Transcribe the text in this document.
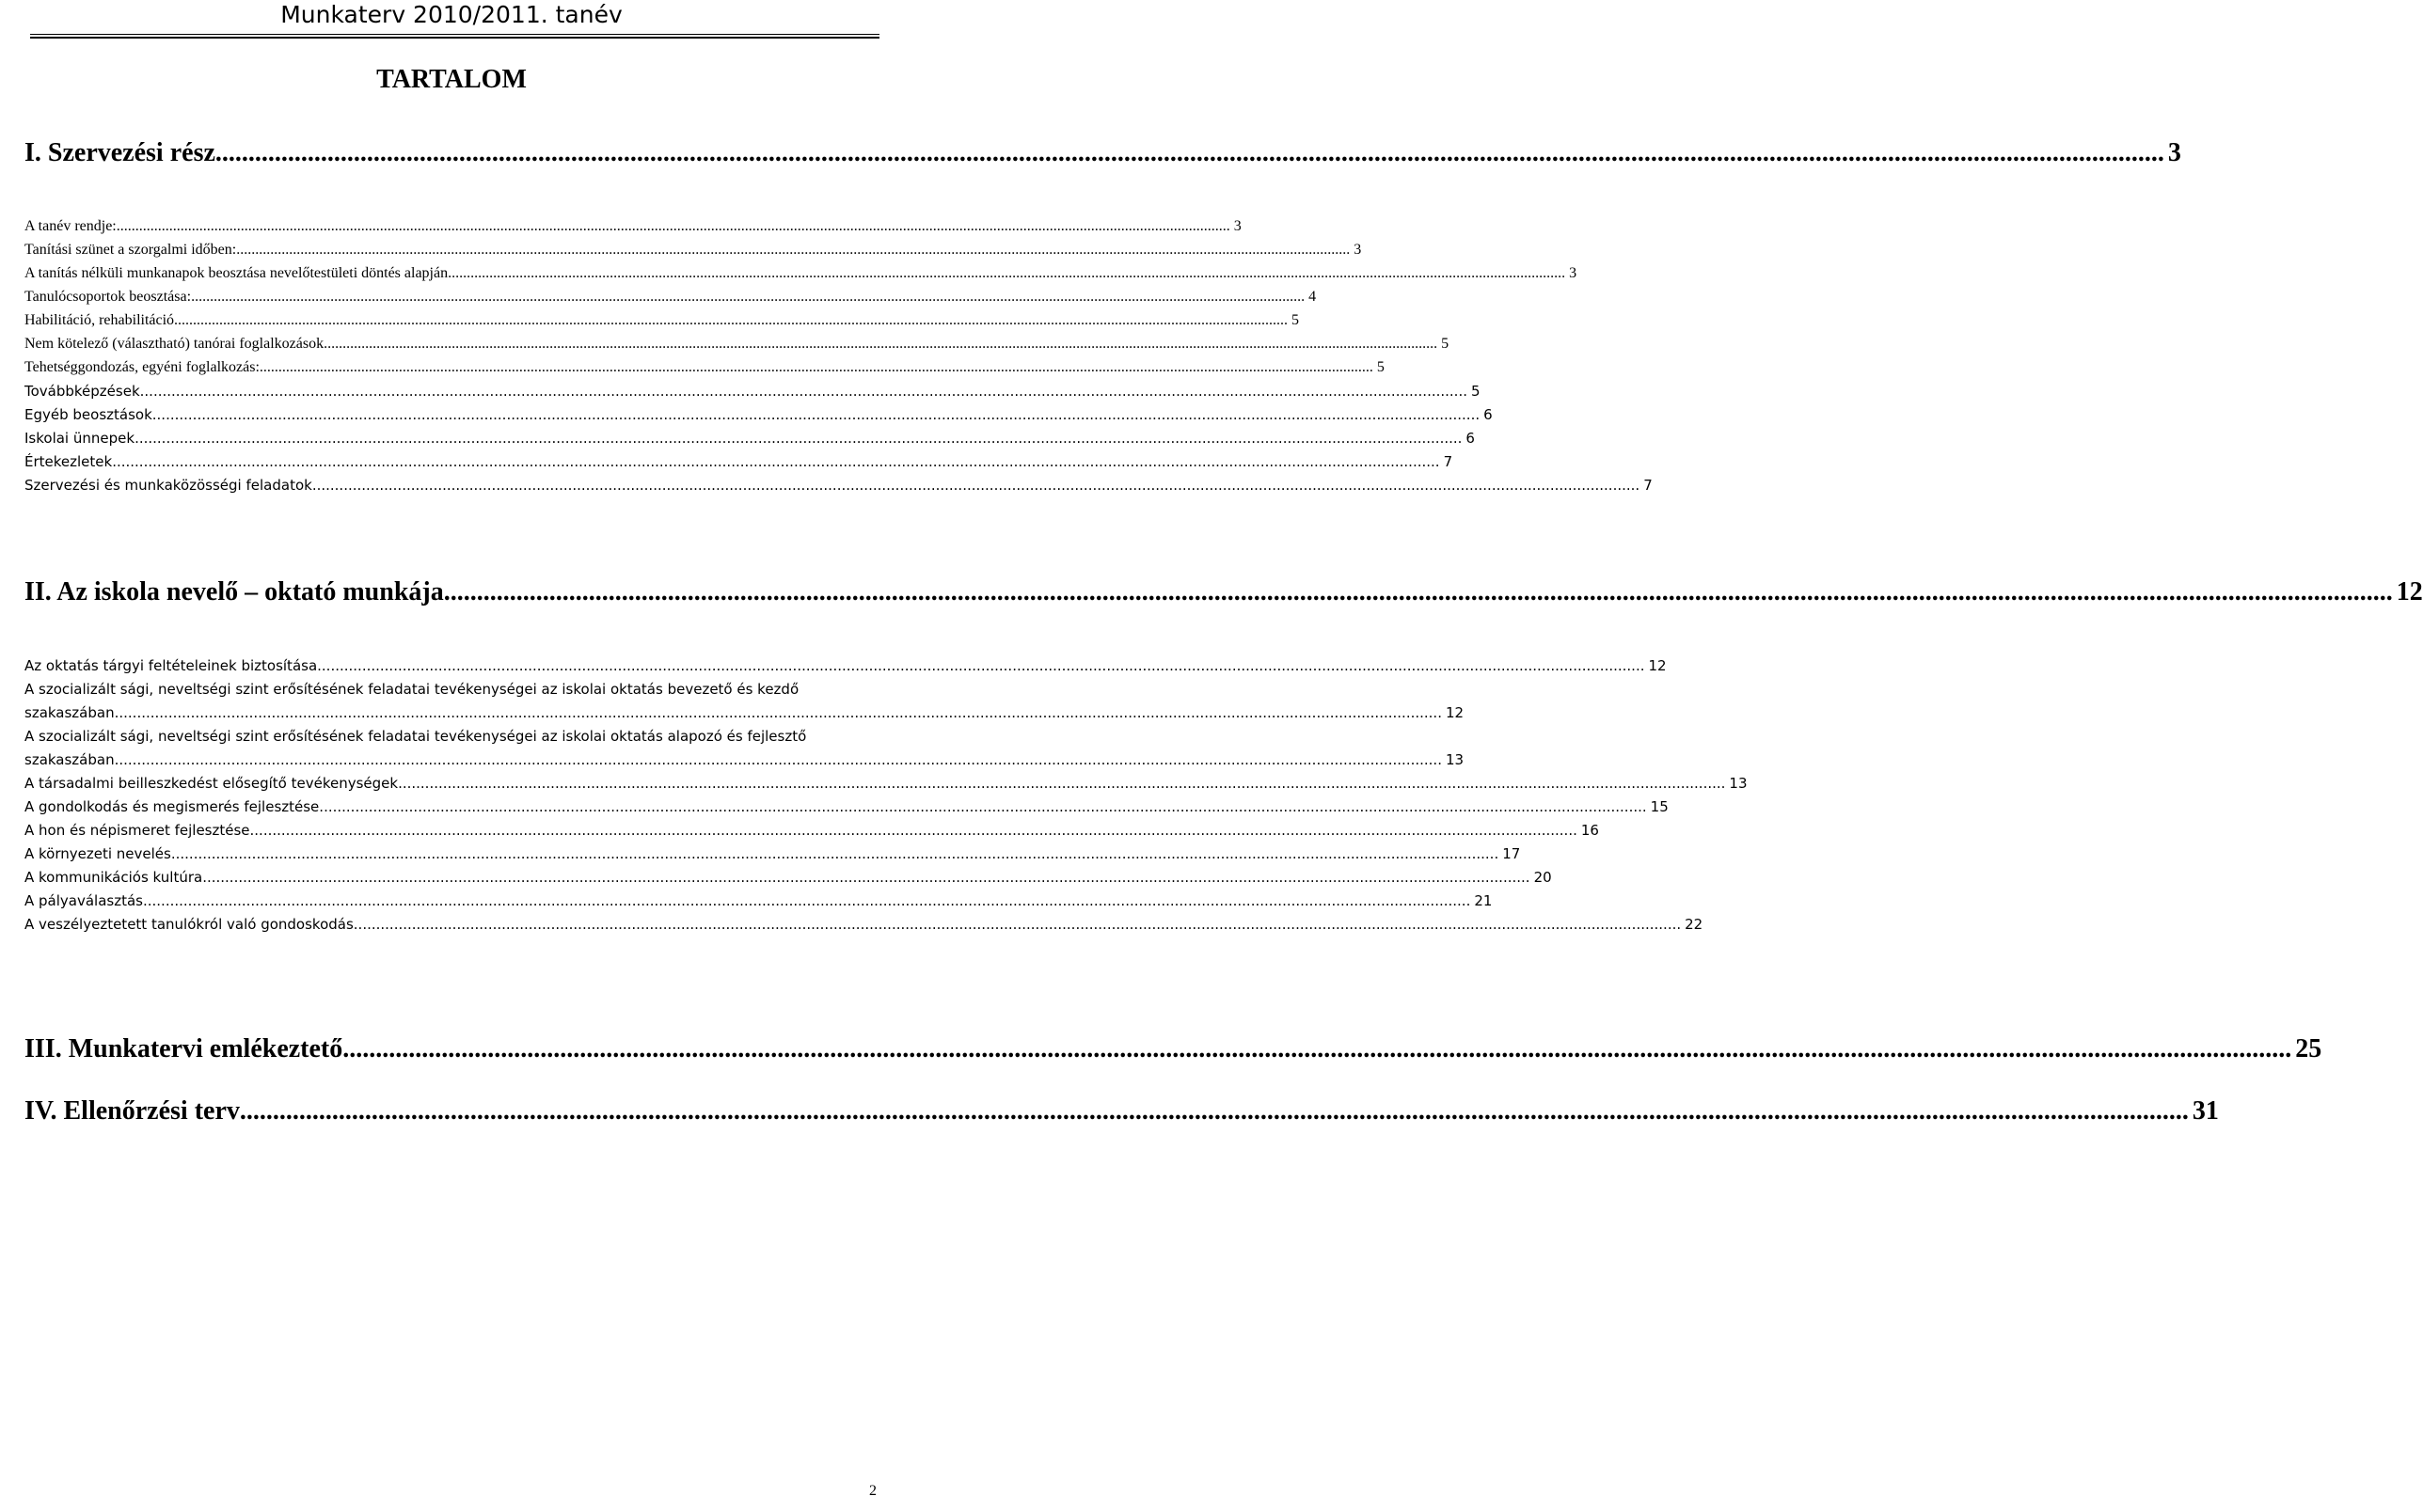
Munkaterv 2010/2011. tanév
TARTALOM
I. Szervezési rész .....	3
A tanév rendje: .....	3
Tanítási szünet a szorgalmi időben: .....	3
A tanítás nélküli munkanapok beosztása nevelőtestületi döntés alapján. .....	3
Tanulócsoportok beosztása: .....	4
Habilitáció, rehabilitáció .....	5
Nem kötelező (választható) tanórai foglalkozások .....	5
Tehetséggondozás, egyéni foglalkozás: .....	5
Továbbképzések .....	5
Egyéb beosztások .....	6
Iskolai ünnepek .....	6
Értekezletek .....	7
Szervezési és munkaközösségi feladatok .....	7
II. Az iskola nevelő – oktató munkája .....	12
Az oktatás tárgyi feltételeinek biztosítása .....	12
A szocializált sági, neveltségi szint erősítésének feladatai tevékenységei az iskolai oktatás bevezető és kezdő
szakaszában .....	12
A szocializált sági, neveltségi szint erősítésének feladatai tevékenységei az iskolai oktatás alapozó és fejlesztő
szakaszában .....	13
A társadalmi beilleszkedést elősegítő tevékenységek .....	13
A gondolkodás és megismerés fejlesztése .....	15
A hon és népismeret fejlesztése .....	16
A környezeti nevelés .....	17
A kommunikációs kultúra .....	20
A pályaválasztás .....	21
A veszélyeztetett tanulókról való gondoskodás .....	22
III. Munkatervi emlékeztető .....	25
IV. Ellenőrzési terv .....	31
2
